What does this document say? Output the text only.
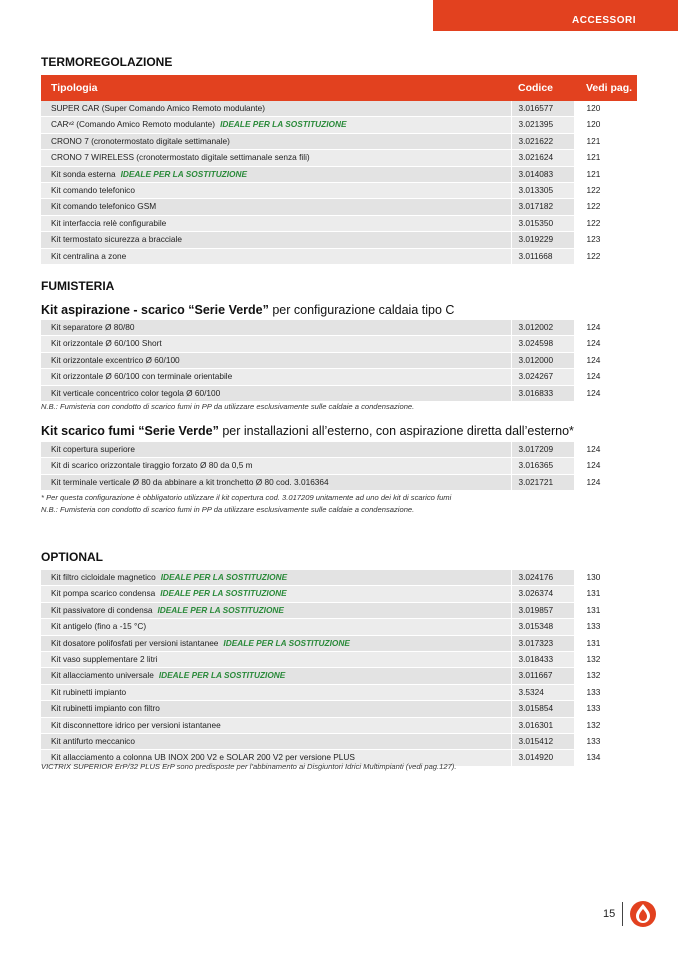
ACCESSORI
TERMOREGOLAZIONE
Tipologia	Codice	Vedi pag.
SUPER CAR (Super Comando Amico Remoto modulante)	3.016577	120
CARᵛ² (Comando Amico Remoto modulante) IDEALE PER LA SOSTITUZIONE	3.021395	120
CRONO 7 (cronotermostato digitale settimanale)	3.021622	121
CRONO 7 WIRELESS (cronotermostato digitale settimanale senza fili)	3.021624	121
Kit sonda esterna IDEALE PER LA SOSTITUZIONE	3.014083	121
Kit comando telefonico	3.013305	122
Kit comando telefonico GSM	3.017182	122
Kit interfaccia relè configurabile	3.015350	122
Kit termostato sicurezza a bracciale	3.019229	123
Kit centralina a zone	3.011668	122
FUMISTERIA
Kit aspirazione - scarico “Serie Verde” per configurazione caldaia tipo C
Kit separatore Ø 80/80	3.012002	124
Kit orizzontale Ø 60/100 Short	3.024598	124
Kit orizzontale excentrico Ø 60/100	3.012000	124
Kit orizzontale Ø 60/100 con terminale orientabile	3.024267	124
Kit verticale concentrico color tegola Ø 60/100	3.016833	124
N.B.: Fumisteria con condotto di scarico fumi in PP da utilizzare esclusivamente sulle caldaie a condensazione.
Kit scarico fumi “Serie Verde” per installazioni all’esterno, con aspirazione diretta dall’esterno*
Kit copertura superiore	3.017209	124
Kit di scarico orizzontale tiraggio forzato Ø 80 da 0,5 m	3.016365	124
Kit terminale verticale Ø 80 da abbinare a kit tronchetto Ø 80 cod. 3.016364	3.021721	124
* Per questa configurazione è obbligatorio utilizzare il kit copertura cod. 3.017209 unitamente ad uno dei kit di scarico fumi
N.B.: Fumisteria con condotto di scarico fumi in PP da utilizzare esclusivamente sulle caldaie a condensazione.
OPTIONAL
Kit filtro cicloidale magnetico IDEALE PER LA SOSTITUZIONE	3.024176	130
Kit pompa scarico condensa IDEALE PER LA SOSTITUZIONE	3.026374	131
Kit passivatore di condensa IDEALE PER LA SOSTITUZIONE	3.019857	131
Kit antigelo (fino a -15 °C)	3.015348	133
Kit dosatore polifosfati per versioni istantanee IDEALE PER LA SOSTITUZIONE	3.017323	131
Kit vaso supplementare 2 litri	3.018433	132
Kit allacciamento universale IDEALE PER LA SOSTITUZIONE	3.011667	132
Kit rubinetti impianto	3.5324	133
Kit rubinetti impianto con filtro	3.015854	133
Kit disconnettore idrico per versioni istantanee	3.016301	132
Kit antifurto meccanico	3.015412	133
Kit allacciamento a colonna UB INOX 200 V2 e SOLAR 200 V2 per versione PLUS	3.014920	134
VICTRIX SUPERIOR ErP/32 PLUS ErP sono predisposte per l’abbinamento ai Disgiuntori Idrici Multimpianti (vedi pag.127).
15
